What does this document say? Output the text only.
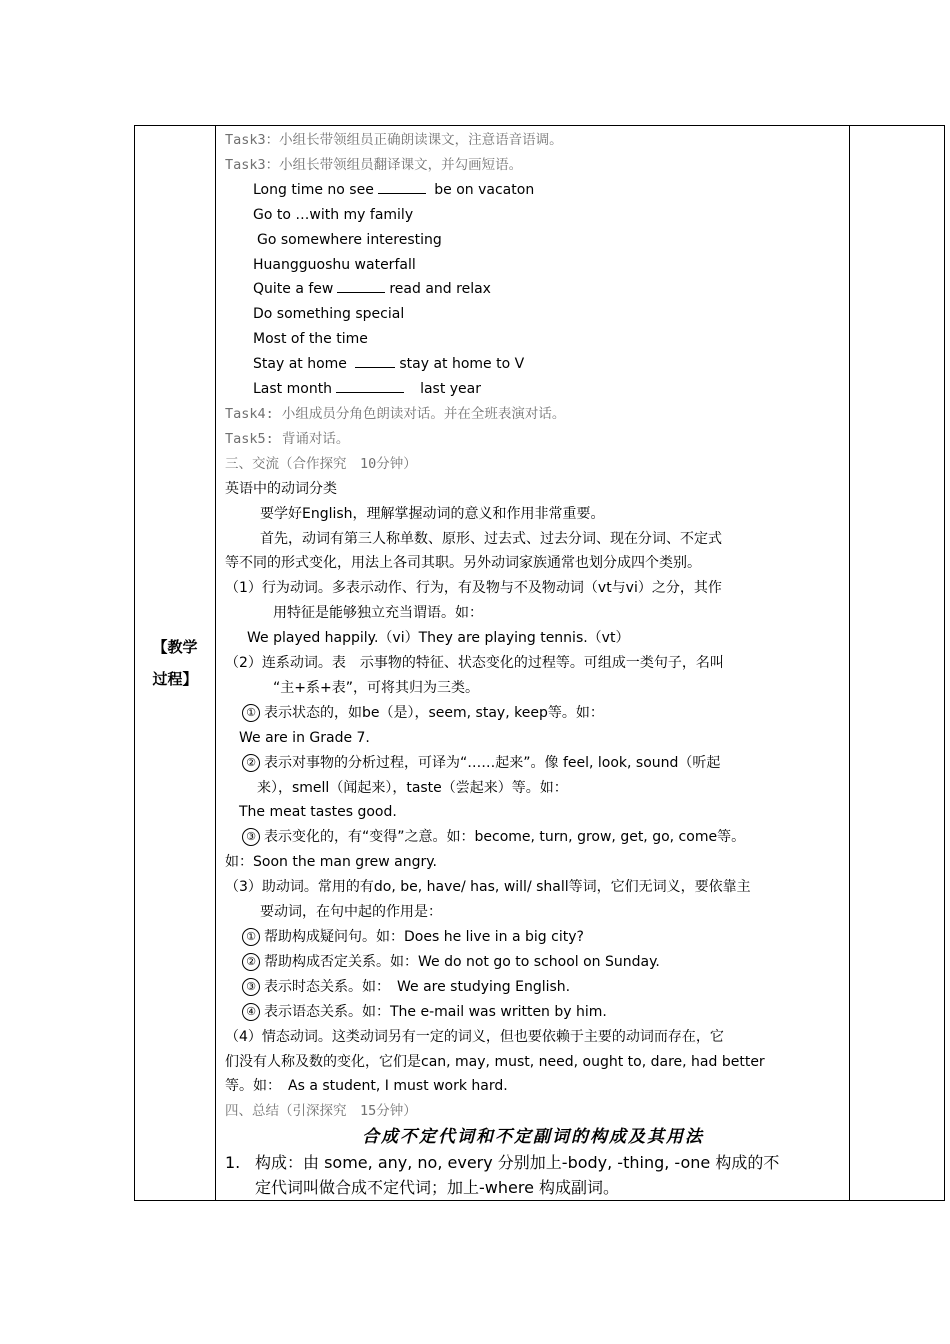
【教学
过程】

Task3：小组长带领组员正确朗读课文，注意语音语调。
Task3：小组长带领组员翻译课文，并勾画短语。
Long time no see	be on vacaton
Go to …with my family
Go somewhere interesting
Huangguoshu waterfall
Quite a few	read and relax
Do something special
Most of the time
Stay at home	stay at home to V
Last month	last year
Task4: 小组成员分角色朗读对话。并在全班表演对话。
Task5: 背诵对话。
三、交流（合作探究　10分钟）
英语中的动词分类
要学好English，理解掌握动词的意义和作用非常重要。
首先，动词有第三人称单数、原形、过去式、过去分词、现在分词、不定式
等不同的形式变化，用法上各司其职。另外动词家族通常也划分成四个类别。
（1）行为动词。多表示动作、行为，有及物与不及物动词（vt与vi）之分，其作
用特征是能够独立充当谓语。如：
We played happily.（vi）They are playing tennis.（vt）
（2）连系动词。表　示事物的特征、状态变化的过程等。可组成一类句子，名叫
“主+系+表”，可将其归为三类。
① 表示状态的，如be（是），seem, stay, keep等。如：
We are in Grade 7.
② 表示对事物的分析过程，可译为“……起来”。像 feel, look, sound（听起
来），smell（闻起来），taste（尝起来）等。如：
The meat tastes good.
③ 表示变化的，有“变得”之意。如：become, turn, grow, get, go, come等。
如：Soon the man grew angry.
（3）助动词。常用的有do, be, have/ has, will/ shall等词，它们无词义，要依靠主
要动词，在句中起的作用是：
① 帮助构成疑问句。如：Does he live in a big city?
② 帮助构成否定关系。如：We do not go to school on Sunday.
③ 表示时态关系。如：　We are studying English.
④ 表示语态关系。如：The e-mail was written by him.
（4）情态动词。这类动词另有一定的词义，但也要依赖于主要的动词而存在，它
们没有人称及数的变化，它们是can, may, must, need, ought to, dare, had better
等。如：　As a student, I must work hard.
四、总结（引深探究　15分钟）
合成不定代词和不定副词的构成及其用法
1. 构成：由 some, any, no, every 分别加上-body, -thing, -one 构成的不
定代词叫做合成不定代词；加上-where 构成副词。
